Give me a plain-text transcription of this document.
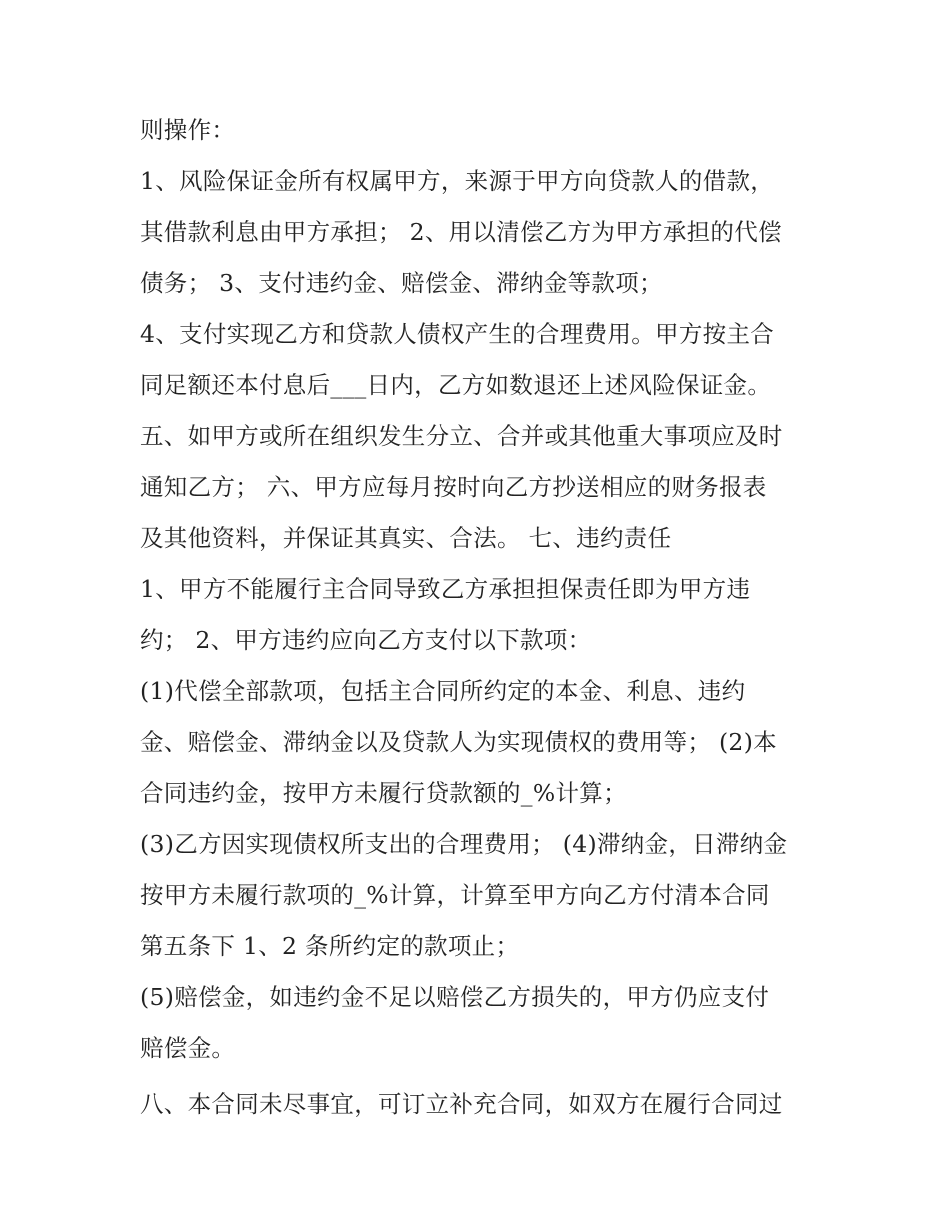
则操作：
1、风险保证金所有权属甲方，来源于甲方向贷款人的借款，
其借款利息由甲方承担； 2、用以清偿乙方为甲方承担的代偿
债务； 3、支付违约金、赔偿金、滞纳金等款项；
4、支付实现乙方和贷款人债权产生的合理费用。甲方按主合
同足额还本付息后___日内，乙方如数退还上述风险保证金。
五、如甲方或所在组织发生分立、合并或其他重大事项应及时
通知乙方； 六、甲方应每月按时向乙方抄送相应的财务报表
及其他资料，并保证其真实、合法。 七、违约责任
1、甲方不能履行主合同导致乙方承担担保责任即为甲方违
约； 2、甲方违约应向乙方支付以下款项：
(1)代偿全部款项，包括主合同所约定的本金、利息、违约
金、赔偿金、滞纳金以及贷款人为实现债权的费用等； (2)本
合同违约金，按甲方未履行贷款额的_%计算；
(3)乙方因实现债权所支出的合理费用； (4)滞纳金，日滞纳金
按甲方未履行款项的_%计算，计算至甲方向乙方付清本合同
第五条下 1、2 条所约定的款项止；
(5)赔偿金，如违约金不足以赔偿乙方损失的，甲方仍应支付
赔偿金。
八、本合同未尽事宜，可订立补充合同，如双方在履行合同过
